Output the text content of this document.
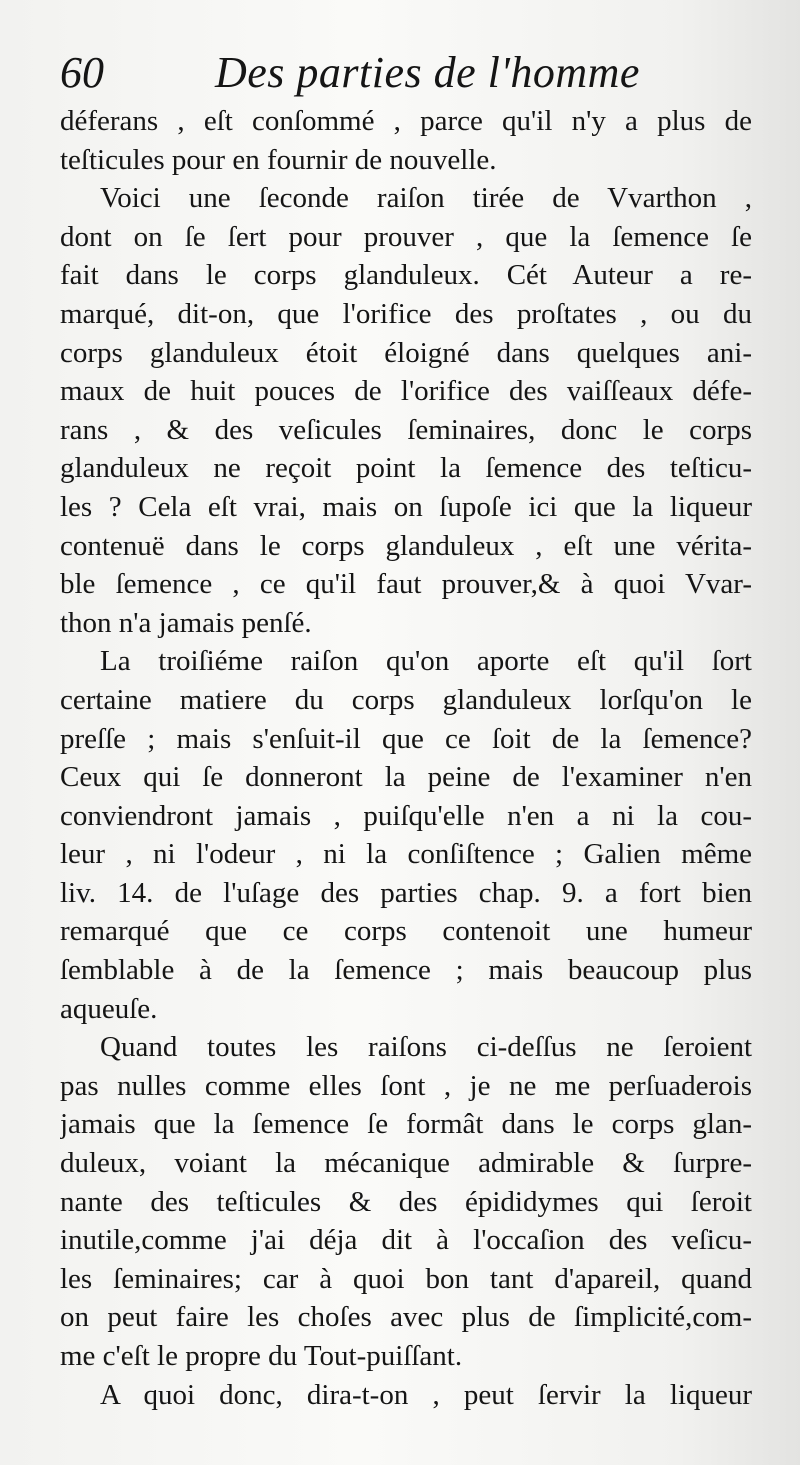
60	Des parties de l'homme
déferans , eſt conſommé , parce qu'il n'y a plus de
teſticules pour en fournir de nouvelle.
Voici une ſeconde raiſon tirée de Vvarthon ,
dont on ſe ſert pour prouver , que la ſemence ſe
fait dans le corps glanduleux. Cét Auteur a re-
marqué, dit-on, que l'orifice des proſtates , ou du
corps glanduleux étoit éloigné dans quelques ani-
maux de huit pouces de l'orifice des vaiſſeaux défe-
rans , & des veſicules ſeminaires, donc le corps
glanduleux ne reçoit point la ſemence des teſticu-
les ? Cela eſt vrai, mais on ſupoſe ici que la liqueur
contenuë dans le corps glanduleux , eſt une vérita-
ble ſemence , ce qu'il faut prouver,& à quoi Vvar-
thon n'a jamais penſé.
La troiſiéme raiſon qu'on aporte eſt qu'il ſort
certaine matiere du corps glanduleux lorſqu'on le
preſſe ; mais s'enſuit-il que ce ſoit de la ſemence?
Ceux qui ſe donneront la peine de l'examiner n'en
conviendront jamais , puiſqu'elle n'en a ni la cou-
leur , ni l'odeur , ni la conſiſtence ; Galien même
liv. 14. de l'uſage des parties chap. 9. a fort bien
remarqué que ce corps contenoit une humeur
ſemblable à de la ſemence ; mais beaucoup plus
aqueuſe.
Quand toutes les raiſons ci-deſſus ne ſeroient
pas nulles comme elles ſont , je ne me perſuaderois
jamais que la ſemence ſe formât dans le corps glan-
duleux, voiant la mécanique admirable & ſurpre-
nante des teſticules & des épididymes qui ſeroit
inutile,comme j'ai déja dit à l'occaſion des veſicu-
les ſeminaires; car à quoi bon tant d'apareil, quand
on peut faire les choſes avec plus de ſimplicité,com-
me c'eſt le propre du Tout-puiſſant.
A quoi donc, dira-t-on , peut ſervir la liqueur
